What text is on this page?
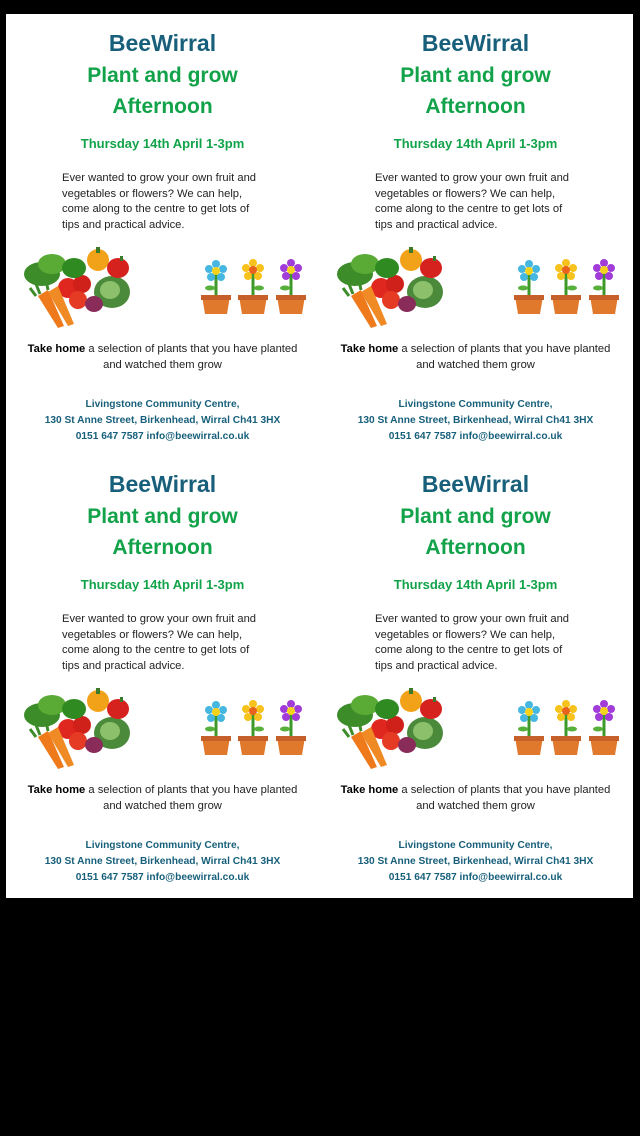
BeeWirral
Plant and grow
Afternoon
Thursday 14th April 1-3pm
Ever wanted to grow your own fruit and vegetables or flowers? We can help, come along to the centre to get lots of tips and practical advice.
Take home a selection of plants that you have planted and watched them grow
Livingstone Community Centre,
130 St Anne Street, Birkenhead, Wirral Ch41 3HX
0151 647 7587 info@beewirral.co.uk
BeeWirral
Plant and grow
Afternoon
Thursday 14th April 1-3pm
Ever wanted to grow your own fruit and vegetables or flowers? We can help, come along to the centre to get lots of tips and practical advice.
Take home a selection of plants that you have planted and watched them grow
Livingstone Community Centre,
130 St Anne Street, Birkenhead, Wirral Ch41 3HX
0151 647 7587 info@beewirral.co.uk
BeeWirral
Plant and grow
Afternoon
Thursday 14th April 1-3pm
Ever wanted to grow your own fruit and vegetables or flowers? We can help, come along to the centre to get lots of tips and practical advice.
Take home a selection of plants that you have planted and watched them grow
Livingstone Community Centre,
130 St Anne Street, Birkenhead, Wirral Ch41 3HX
0151 647 7587 info@beewirral.co.uk
BeeWirral
Plant and grow
Afternoon
Thursday 14th April 1-3pm
Ever wanted to grow your own fruit and vegetables or flowers? We can help, come along to the centre to get lots of tips and practical advice.
Take home a selection of plants that you have planted and watched them grow
Livingstone Community Centre,
130 St Anne Street, Birkenhead, Wirral Ch41 3HX
0151 647 7587 info@beewirral.co.uk
